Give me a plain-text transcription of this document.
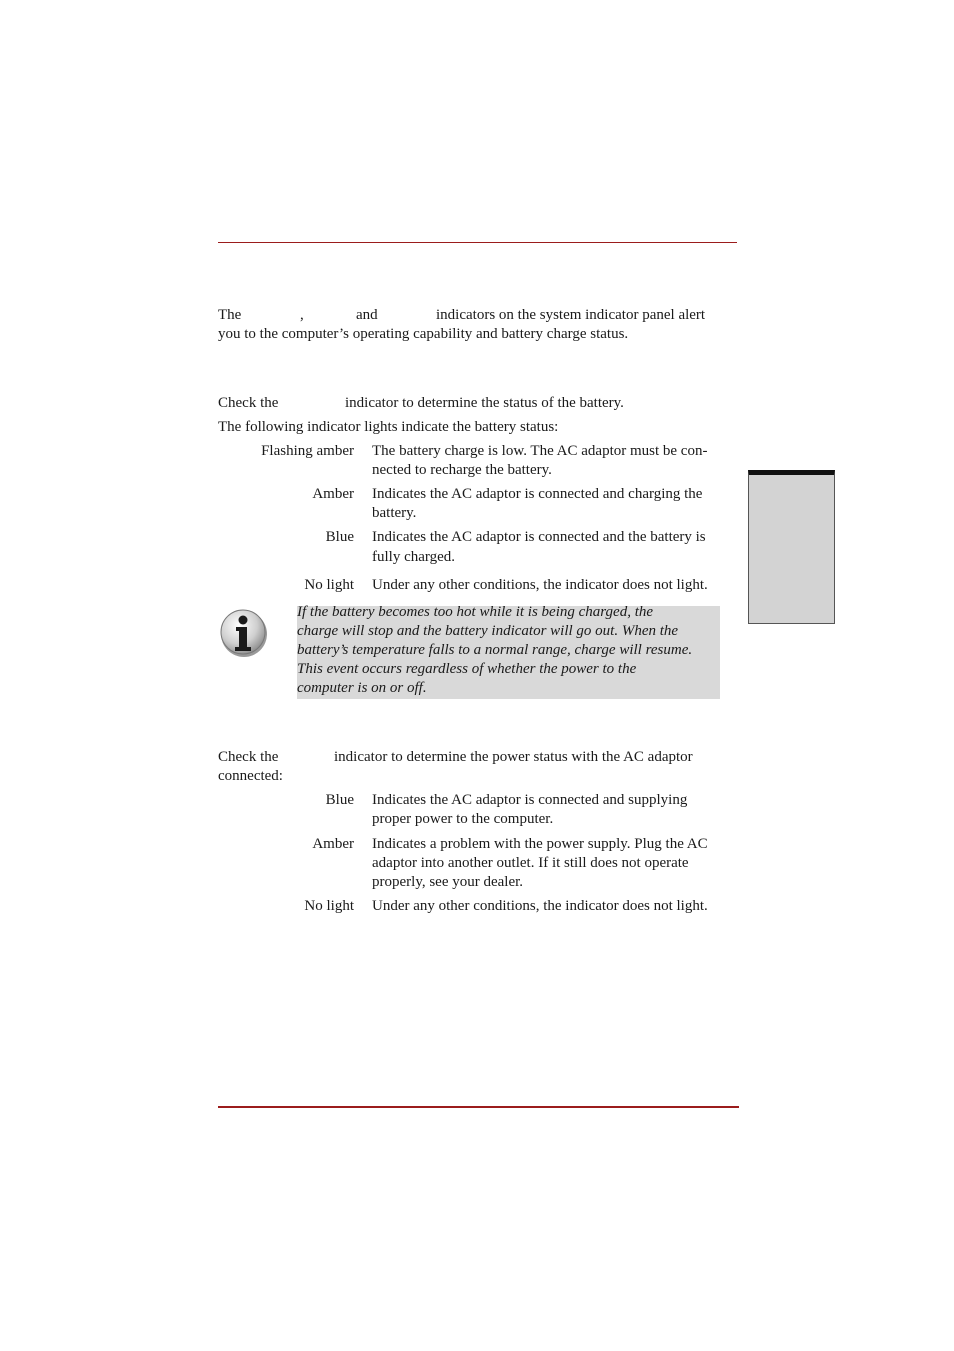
The	,	and	indicators on the system indicator panel alert
you to the computer’s operating capability and battery charge status.
Check the	indicator to determine the status of the battery.
The following indicator lights indicate the battery status:
Flashing amber The battery charge is low. The AC adaptor must be con-
nected to recharge the battery.
Amber Indicates the AC adaptor is connected and charging the
battery.
Blue Indicates the AC adaptor is connected and the battery is
fully charged.
No light Under any other conditions, the indicator does not light.
If the battery becomes too hot while it is being charged, the
charge will stop and the battery indicator will go out. When the
battery’s temperature falls to a normal range, charge will resume.
This event occurs regardless of whether the power to the
computer is on or off.
Check the	indicator to determine the power status with the AC adaptor
connected:
Blue Indicates the AC adaptor is connected and supplying
proper power to the computer.
Amber Indicates a problem with the power supply. Plug the AC
adaptor into another outlet. If it still does not operate
properly, see your dealer.
No light Under any other conditions, the indicator does not light.
